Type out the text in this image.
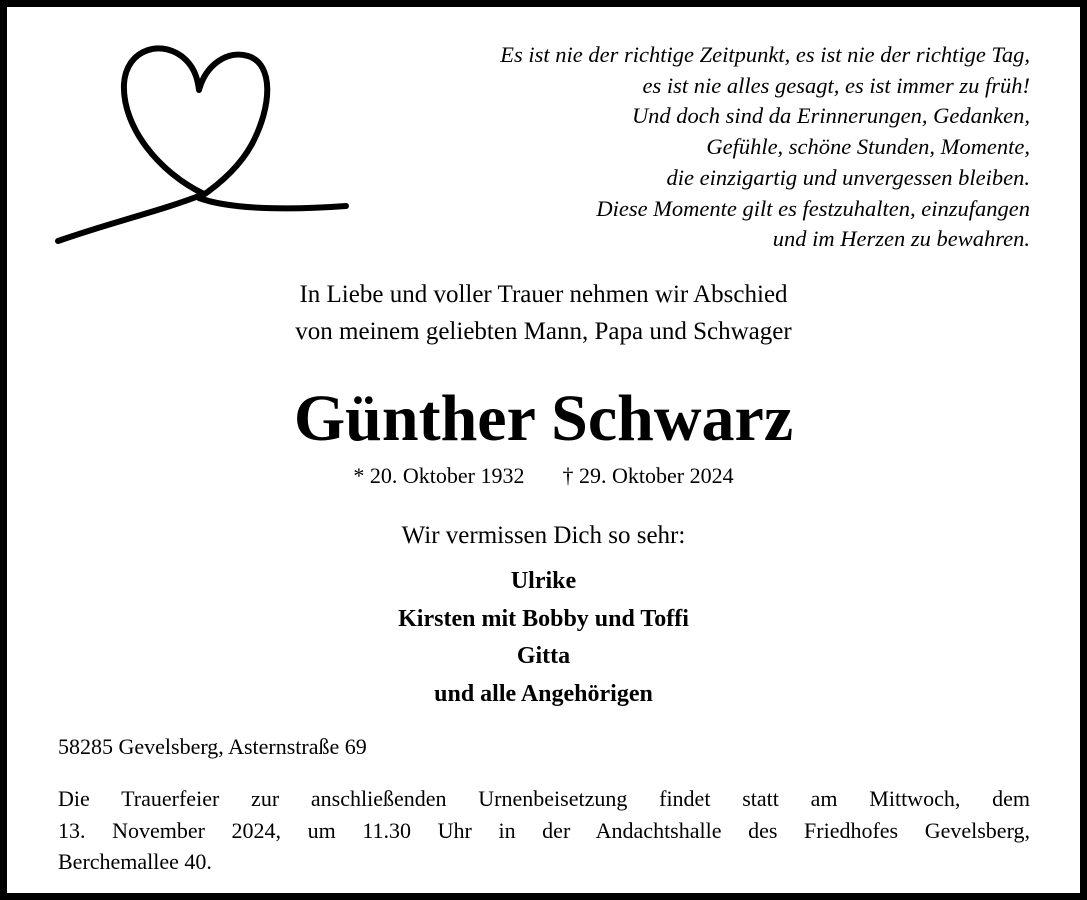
Es ist nie der richtige Zeitpunkt, es ist nie der richtige Tag,
es ist nie alles gesagt, es ist immer zu früh!
Und doch sind da Erinnerungen, Gedanken,
Gefühle, schöne Stunden, Momente,
die einzigartig und unvergessen bleiben.
Diese Momente gilt es festzuhalten, einzufangen
und im Herzen zu bewahren.
In Liebe und voller Trauer nehmen wir Abschied
von meinem geliebten Mann, Papa und Schwager
Günther Schwarz
* 20. Oktober 1932 † 29. Oktober 2024
Wir vermissen Dich so sehr:
Ulrike
Kirsten mit Bobby und Toffi
Gitta
und alle Angehörigen
58285 Gevelsberg, Asternstraße 69
Die Trauerfeier zur anschließenden Urnenbeisetzung findet statt am Mittwoch, dem
13. November 2024, um 11.30 Uhr in der Andachtshalle des Friedhofes Gevelsberg,
Berchemallee 40.
